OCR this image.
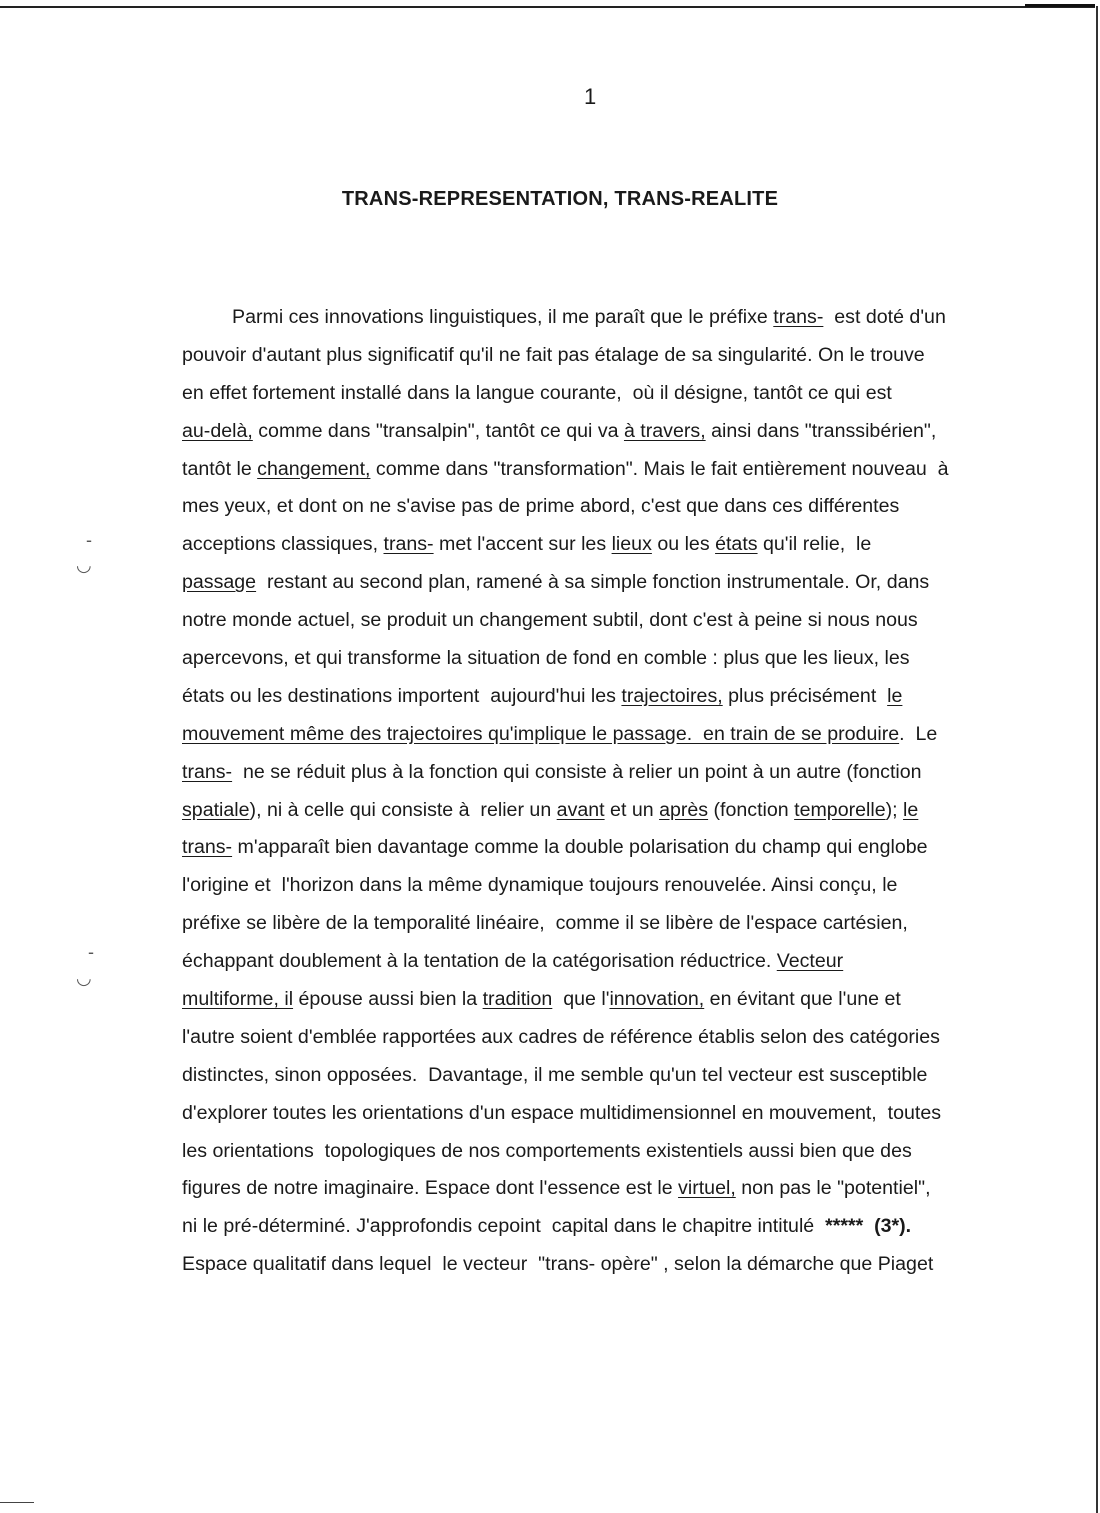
1
TRANS-REPRESENTATION, TRANS-REALITE
-
◡
-
◡
Parmi ces innovations linguistiques, il me paraît que le préfixe trans-  est doté d'un
pouvoir d'autant plus significatif qu'il ne fait pas étalage de sa singularité. On le trouve
en effet fortement installé dans la langue courante,  où il désigne, tantôt ce qui est
au-delà, comme dans "transalpin", tantôt ce qui va à travers, ainsi dans "transsibérien",
tantôt le changement, comme dans "transformation". Mais le fait entièrement nouveau  à
mes yeux, et dont on ne s'avise pas de prime abord, c'est que dans ces différentes
acceptions classiques, trans- met l'accent sur les lieux ou les états qu'il relie,  le
passage  restant au second plan, ramené à sa simple fonction instrumentale. Or, dans
notre monde actuel, se produit un changement subtil, dont c'est à peine si nous nous
apercevons, et qui transforme la situation de fond en comble : plus que les lieux, les
états ou les destinations importent  aujourd'hui les trajectoires, plus précisément  le
mouvement même des trajectoires qu'implique le passage.  en train de se produire.  Le
trans-  ne se réduit plus à la fonction qui consiste à relier un point à un autre (fonction
spatiale), ni à celle qui consiste à  relier un avant et un après (fonction temporelle); le
trans- m'apparaît bien davantage comme la double polarisation du champ qui englobe
l'origine et  l'horizon dans la même dynamique toujours renouvelée. Ainsi conçu, le
préfixe se libère de la temporalité linéaire,  comme il se libère de l'espace cartésien,
échappant doublement à la tentation de la catégorisation réductrice. Vecteur
multiforme, il épouse aussi bien la tradition  que l'innovation, en évitant que l'une et
l'autre soient d'emblée rapportées aux cadres de référence établis selon des catégories
distinctes, sinon opposées.  Davantage, il me semble qu'un tel vecteur est susceptible
d'explorer toutes les orientations d'un espace multidimensionnel en mouvement,  toutes
les orientations  topologiques de nos comportements existentiels aussi bien que des
figures de notre imaginaire. Espace dont l'essence est le virtuel, non pas le "potentiel",
ni le pré-déterminé. J'approfondis cepoint  capital dans le chapitre intitulé  *****  (3*).
Espace qualitatif dans lequel  le vecteur  "trans- opère" , selon la démarche que Piaget
